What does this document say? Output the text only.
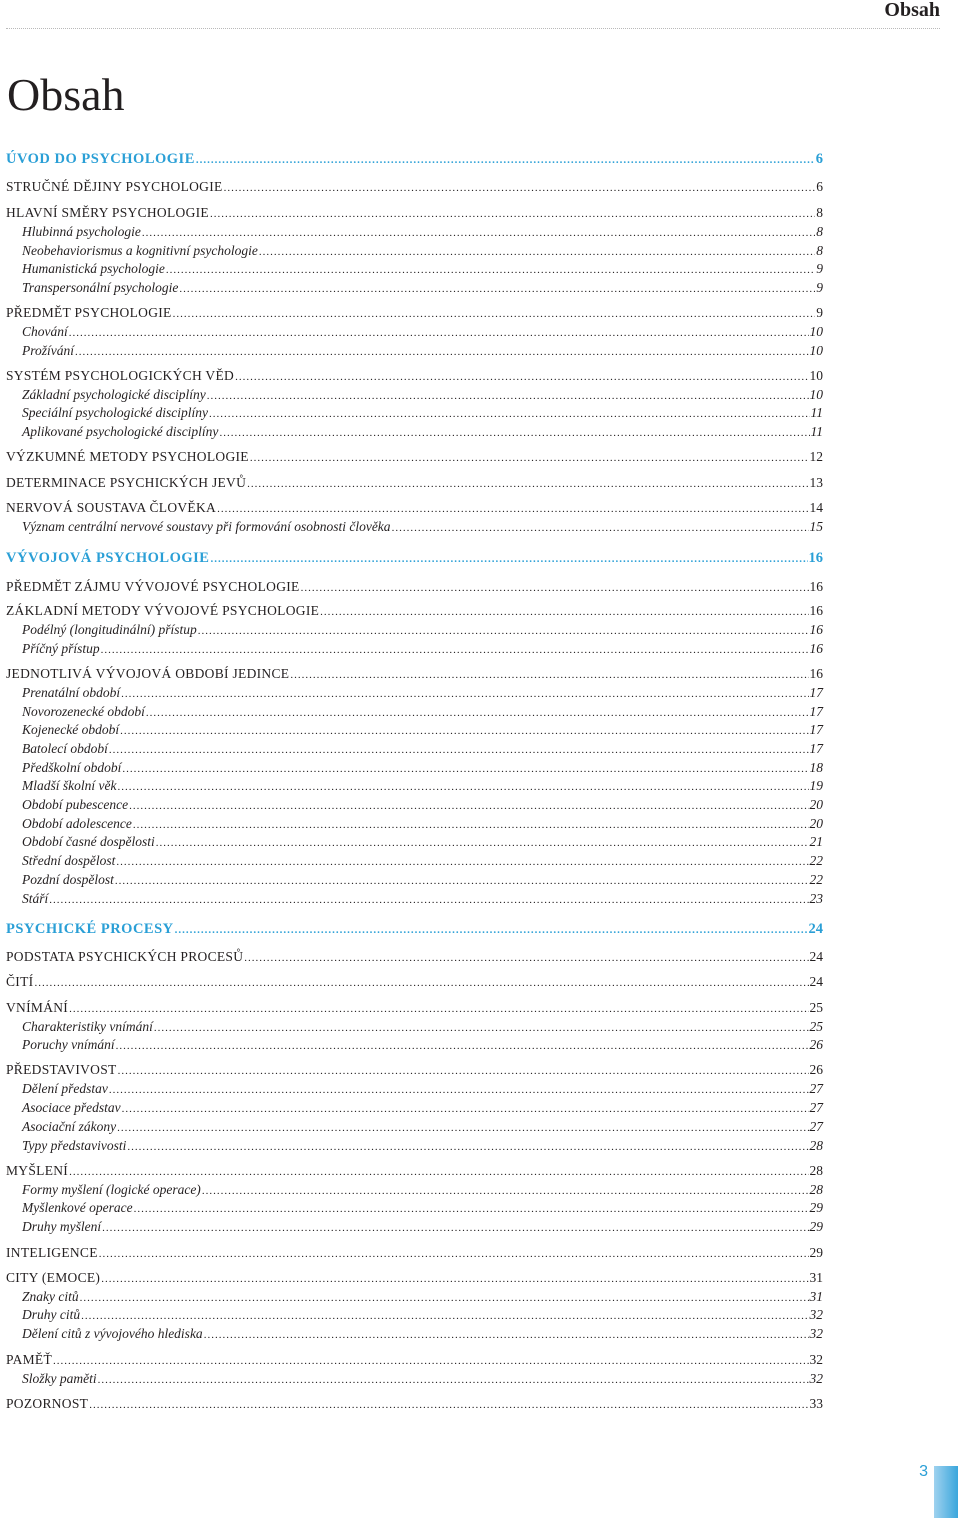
Obsah
Obsah
ÚVOD DO PSYCHOLOGIE .....	6
STRUČNÉ DĚJINY PSYCHOLOGIE .....	6
HLAVNÍ SMĚRY PSYCHOLOGIE .....	8
Hlubinná psychologie .....	8
Neobehaviorismus a kognitivní psychologie .....	8
Humanistická psychologie .....	9
Transpersonální psychologie .....	9
PŘEDMĚT PSYCHOLOGIE .....	9
Chování .....	10
Prožívání .....	10
SYSTÉM PSYCHOLOGICKÝCH VĚD .....	10
Základní psychologické disciplíny .....	10
Speciální psychologické disciplíny .....	11
Aplikované psychologické disciplíny .....	11
VÝZKUMNÉ METODY PSYCHOLOGIE .....	12
DETERMINACE PSYCHICKÝCH JEVŮ .....	13
NERVOVÁ SOUSTAVA ČLOVĚKA .....	14
Význam centrální nervové soustavy při formování osobnosti člověka .....	15
VÝVOJOVÁ PSYCHOLOGIE .....	16
PŘEDMĚT ZÁJMU VÝVOJOVÉ PSYCHOLOGIE .....	16
ZÁKLADNÍ METODY VÝVOJOVÉ PSYCHOLOGIE .....	16
Podélný (longitudinální) přístup .....	16
Příčný přístup .....	16
JEDNOTLIVÁ VÝVOJOVÁ OBDOBÍ JEDINCE .....	16
Prenatální období .....	17
Novorozenecké období .....	17
Kojenecké období .....	17
Batolecí období .....	17
Předškolní období .....	18
Mladší školní věk .....	19
Období pubescence .....	20
Období adolescence .....	20
Období časné dospělosti .....	21
Střední dospělost .....	22
Pozdní dospělost .....	22
Stáří .....	23
PSYCHICKÉ PROCESY .....	24
PODSTATA PSYCHICKÝCH PROCESŮ .....	24
ČITÍ .....	24
VNÍMÁNÍ .....	25
Charakteristiky vnímání .....	25
Poruchy vnímání .....	26
PŘEDSTAVIVOST .....	26
Dělení představ .....	27
Asociace představ .....	27
Asociační zákony .....	27
Typy představivosti .....	28
MYŠLENÍ .....	28
Formy myšlení (logické operace) .....	28
Myšlenkové operace .....	29
Druhy myšlení .....	29
INTELIGENCE .....	29
CITY (EMOCE) .....	31
Znaky citů .....	31
Druhy citů .....	32
Dělení citů z vývojového hlediska .....	32
PAMĚŤ .....	32
Složky paměti .....	32
POZORNOST .....	33
3
